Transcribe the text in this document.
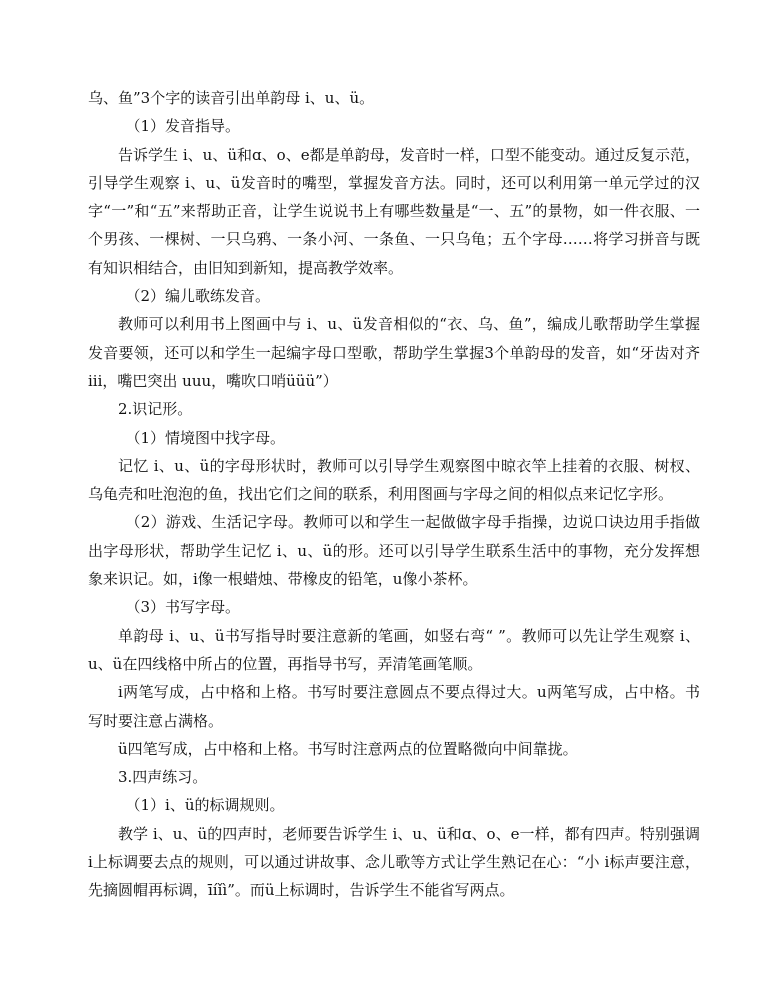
乌、鱼”3个字的读音引出单韵母 i、u、ü。

（1）发音指导。

告诉学生 i、u、ü和ɑ、o、e都是单韵母，发音时一样，口型不能变动。通过反复示范，引导学生观察 i、u、ü发音时的嘴型，掌握发音方法。同时，还可以利用第一单元学过的汉字“一”和“五”来帮助正音，让学生说说书上有哪些数量是“一、五”的景物，如一件衣服、一个男孩、一棵树、一只乌鸦、一条小河、一条鱼、一只乌龟；五个字母……将学习拼音与既有知识相结合，由旧知到新知，提高教学效率。

（2）编儿歌练发音。

教师可以利用书上图画中与 i、u、ü发音相似的“衣、乌、鱼”，编成儿歌帮助学生掌握发音要领，还可以和学生一起编字母口型歌，帮助学生掌握3个单韵母的发音，如“牙齿对齐 iii，嘴巴突出 uuu，嘴吹口哨üüü”）

2.识记形。

（1）情境图中找字母。

记忆 i、u、ü的字母形状时，教师可以引导学生观察图中晾衣竿上挂着的衣服、树杈、乌龟壳和吐泡泡的鱼，找出它们之间的联系，利用图画与字母之间的相似点来记忆字形。

（2）游戏、生活记字母。教师可以和学生一起做做字母手指操，边说口诀边用手指做出字母形状，帮助学生记忆 i、u、ü的形。还可以引导学生联系生活中的事物，充分发挥想象来识记。如，i像一根蜡烛、带橡皮的铅笔，u像小茶杯。

（3）书写字母。

单韵母 i、u、ü书写指导时要注意新的笔画，如竖右弯“ ”。教师可以先让学生观察 i、u、ü在四线格中所占的位置，再指导书写，弄清笔画笔顺。

i两笔写成，占中格和上格。书写时要注意圆点不要点得过大。u两笔写成，占中格。书写时要注意占满格。

ü四笔写成，占中格和上格。书写时注意两点的位置略微向中间靠拢。

3.四声练习。

（1）i、ü的标调规则。

教学 i、u、ü的四声时，老师要告诉学生 i、u、ü和ɑ、o、e一样，都有四声。特别强调 i上标调要去点的规则，可以通过讲故事、念儿歌等方式让学生熟记在心：“小 i标声要注意，先摘圆帽再标调，īíǐì”。而ü上标调时，告诉学生不能省写两点。
